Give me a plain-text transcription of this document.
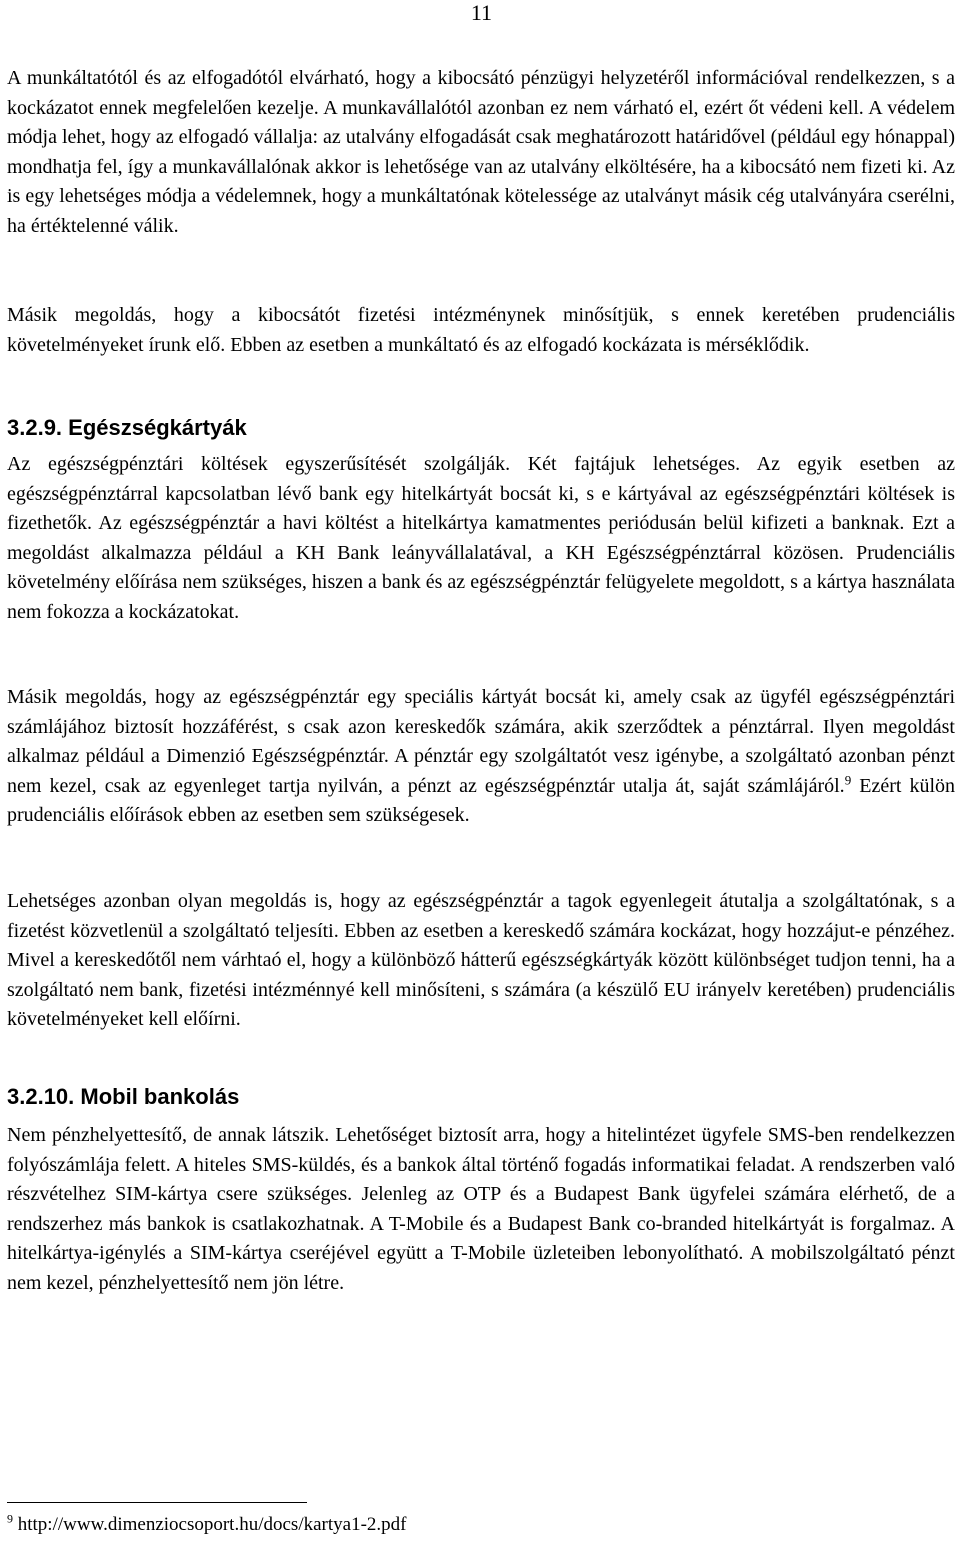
11

A munkáltatótól és az elfogadótól elvárható, hogy a kibocsátó pénzügyi helyzetéről információval rendelkezzen, s a kockázatot ennek megfelelően kezelje. A munkavállalótól azonban ez nem várható el, ezért őt védeni kell. A védelem módja lehet, hogy az elfogadó vállalja: az utalvány elfogadását csak meghatározott határidővel (például egy hónappal) mondhatja fel, így a munkavállalónak akkor is lehetősége van az utalvány elköltésére, ha a kibocsátó nem fizeti ki. Az is egy lehetséges módja a védelemnek, hogy a munkáltatónak kötelessége az utalványt másik cég utalványára cserélni, ha értéktelenné válik.

Másik megoldás, hogy a kibocsátót fizetési intézménynek minősítjük, s ennek keretében prudenciális követelményeket írunk elő. Ebben az esetben a munkáltató és az elfogadó kockázata is mérséklődik.

3.2.9. Egészségkártyák

Az egészségpénztári költések egyszerűsítését szolgálják. Két fajtájuk lehetséges. Az egyik esetben az egészségpénztárral kapcsolatban lévő bank egy hitelkártyát bocsát ki, s e kártyával az egészségpénztári költések is fizethetők. Az egészségpénztár a havi költést a hitelkártya kamatmentes periódusán belül kifizeti a banknak. Ezt a megoldást alkalmazza például a KH Bank leányvállalatával, a KH Egészségpénztárral közösen. Prudenciális követelmény előírása nem szükséges, hiszen a bank és az egészségpénztár felügyelete megoldott, s a kártya használata nem fokozza a kockázatokat.

Másik megoldás, hogy az egészségpénztár egy speciális kártyát bocsát ki, amely csak az ügyfél egészségpénztári számlájához biztosít hozzáférést, s csak azon kereskedők számára, akik szerződtek a pénztárral. Ilyen megoldást alkalmaz például a Dimenzió Egészségpénztár. A pénztár egy szolgáltatót vesz igénybe, a szolgáltató azonban pénzt nem kezel, csak az egyenleget tartja nyilván, a pénzt az egészségpénztár utalja át, saját számlájáról.$^9$ Ezért külön prudenciális előírások ebben az esetben sem szükségesek.

Lehetséges azonban olyan megoldás is, hogy az egészségpénztár a tagok egyenlegeit átutalja a szolgáltatónak, s a fizetést közvetlenül a szolgáltató teljesíti. Ebben az esetben a kereskedő számára kockázat, hogy hozzájut-e pénzéhez. Mivel a kereskedőtől nem várhtaó el, hogy a különböző hátterű egészségkártyák között különbséget tudjon tenni, ha a szolgáltató nem bank, fizetési intézménnyé kell minősíteni, s számára (a készülő EU irányelv keretében) prudenciális követelményeket kell előírni.

3.2.10. Mobil bankolás

Nem pénzhelyettesítő, de annak látszik. Lehetőséget biztosít arra, hogy a hitelintézet ügyfele SMS-ben rendelkezzen folyószámlája felett. A hiteles SMS-küldés, és a bankok által történő fogadás informatikai feladat. A rendszerben való részvételhez SIM-kártya csere szükséges. Jelenleg az OTP és a Budapest Bank ügyfelei számára elérhető, de a rendszerhez más bankok is csatlakozhatnak. A T-Mobile és a Budapest Bank co-branded hitelkártyát is forgalmaz. A hitelkártya-igénylés a SIM-kártya cseréjével együtt a T-Mobile üzleteiben lebonyolítható. A mobilszolgáltató pénzt nem kezel, pénzhelyettesítő nem jön létre.

$^9$ http://www.dimenziocsoport.hu/docs/kartya1-2.pdf
